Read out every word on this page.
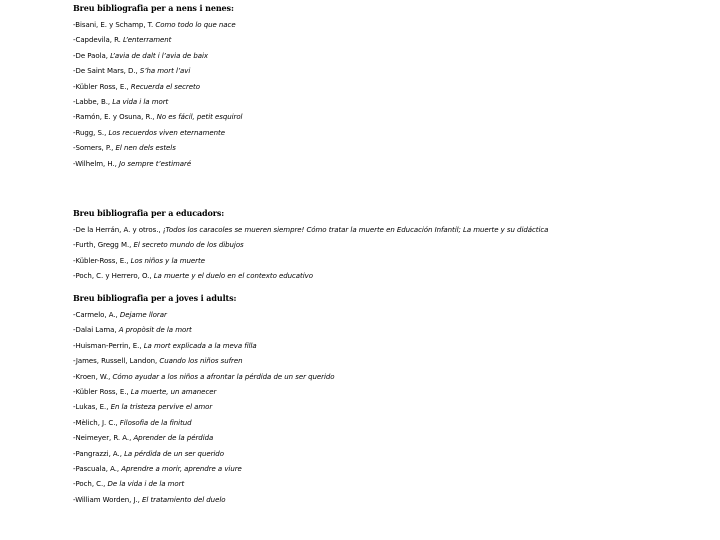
Breu bibliografia per a nens i nenes:
-Bisani, E. y Schamp, T. Como todo lo que nace
-Capdevila, R. L’enterrament
-De Paola, L’avia de dalt i l’avia de baix
-De Saint Mars, D., S’ha mort l’avi
-Kübler Ross, E., Recuerda el secreto
-Labbe, B., La vida i la mort
-Ramón, E. y Osuna, R., No es fácil, petit esquirol
-Rugg, S., Los recuerdos viven eternamente
-Somers, P., El nen dels estels
-Wilhelm, H., Jo sempre t’estimaré
Breu bibliografia per a educadors:
-De la Herrán, A. y otros., ¡Todos los caracoles se mueren siempre! Cómo tratar la muerte en Educación Infantil; La muerte y su didáctica
-Furth, Gregg M., El secreto mundo de los dibujos
-Kübler-Ross, E., Los niños y la muerte
-Poch, C. y Herrero, O., La muerte y el duelo en el contexto educativo
Breu bibliografia per a joves i adults:
-Carmelo, A., Dejame llorar
-Dalai Lama, A propòsit de la mort
-Huisman-Perrin, E., La mort explicada a la meva filla
-James, Russell, Landon, Cuando los niños sufren
-Kroen, W., Cómo ayudar a los niños a afrontar la pérdida de un ser querido
-Kübler Ross, E., La muerte, un amanecer
-Lukas, E., En la tristeza pervive el amor
-Mèlich, J. C., Filosofia de la finitud
-Neimeyer, R. A., Aprender de la pérdida
-Pangrazzi, A., La pérdida de un ser querido
-Pascuala, A., Aprendre a morir, aprendre a viure
-Poch, C., De la vida i de la mort
-William Worden, J., El tratamiento del duelo
